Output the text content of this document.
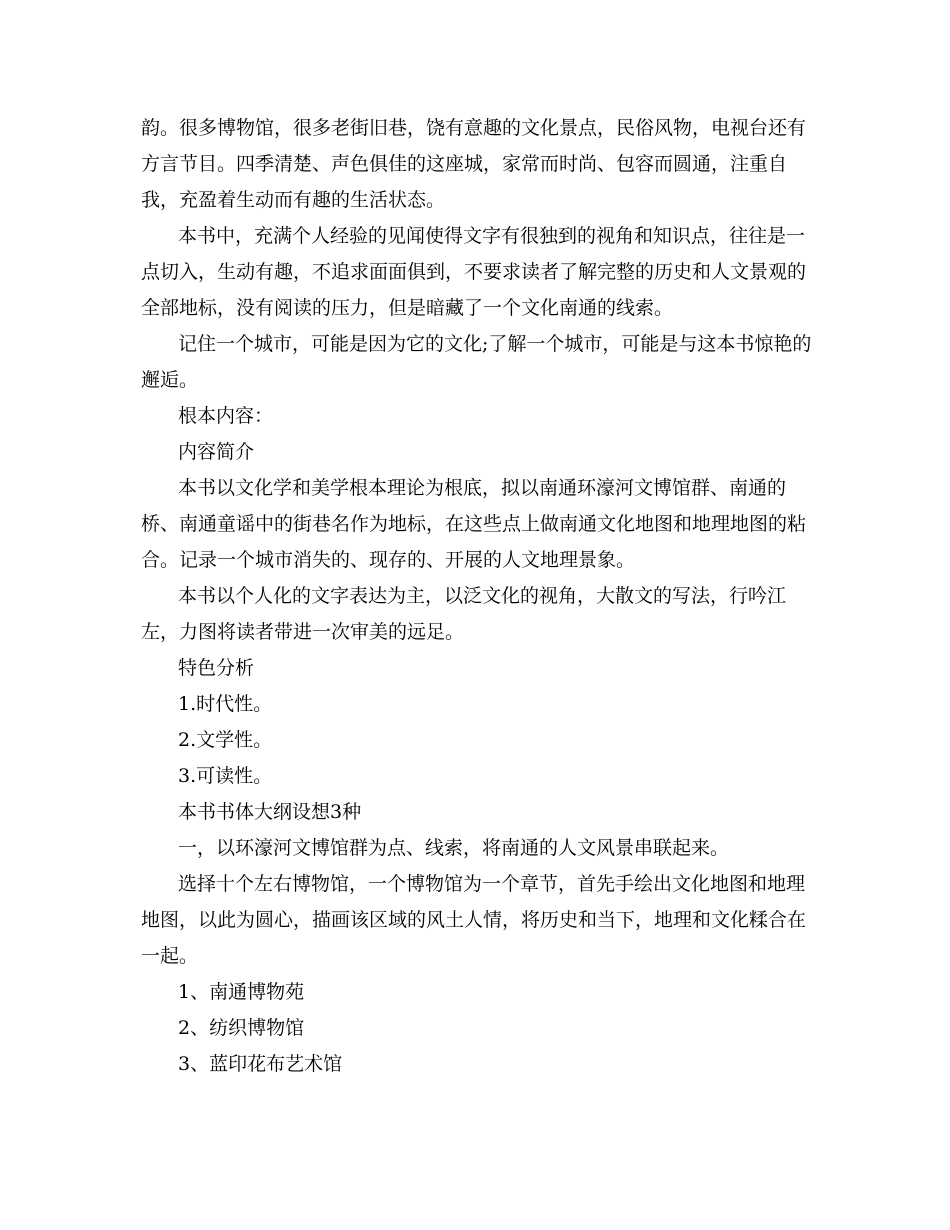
韵。很多博物馆，很多老街旧巷，饶有意趣的文化景点，民俗风物，电视台还有
方言节目。四季清楚、声色俱佳的这座城，家常而时尚、包容而圆通，注重自
我，充盈着生动而有趣的生活状态。
本书中，充满个人经验的见闻使得文字有很独到的视角和知识点，往往是一
点切入，生动有趣，不追求面面俱到，不要求读者了解完整的历史和人文景观的
全部地标，没有阅读的压力，但是暗藏了一个文化南通的线索。
记住一个城市，可能是因为它的文化;了解一个城市，可能是与这本书惊艳的
邂逅。
根本内容：
内容简介
本书以文化学和美学根本理论为根底，拟以南通环濠河文博馆群、南通的
桥、南通童谣中的街巷名作为地标，在这些点上做南通文化地图和地理地图的粘
合。记录一个城市消失的、现存的、开展的人文地理景象。
本书以个人化的文字表达为主，以泛文化的视角，大散文的写法，行吟江
左，力图将读者带进一次审美的远足。
特色分析
1.时代性。
2.文学性。
3.可读性。
本书书体大纲设想3种
一，以环濠河文博馆群为点、线索，将南通的人文风景串联起来。
选择十个左右博物馆，一个博物馆为一个章节，首先手绘出文化地图和地理
地图，以此为圆心，描画该区域的风土人情，将历史和当下，地理和文化糅合在
一起。
1、南通博物苑
2、纺织博物馆
3、蓝印花布艺术馆
